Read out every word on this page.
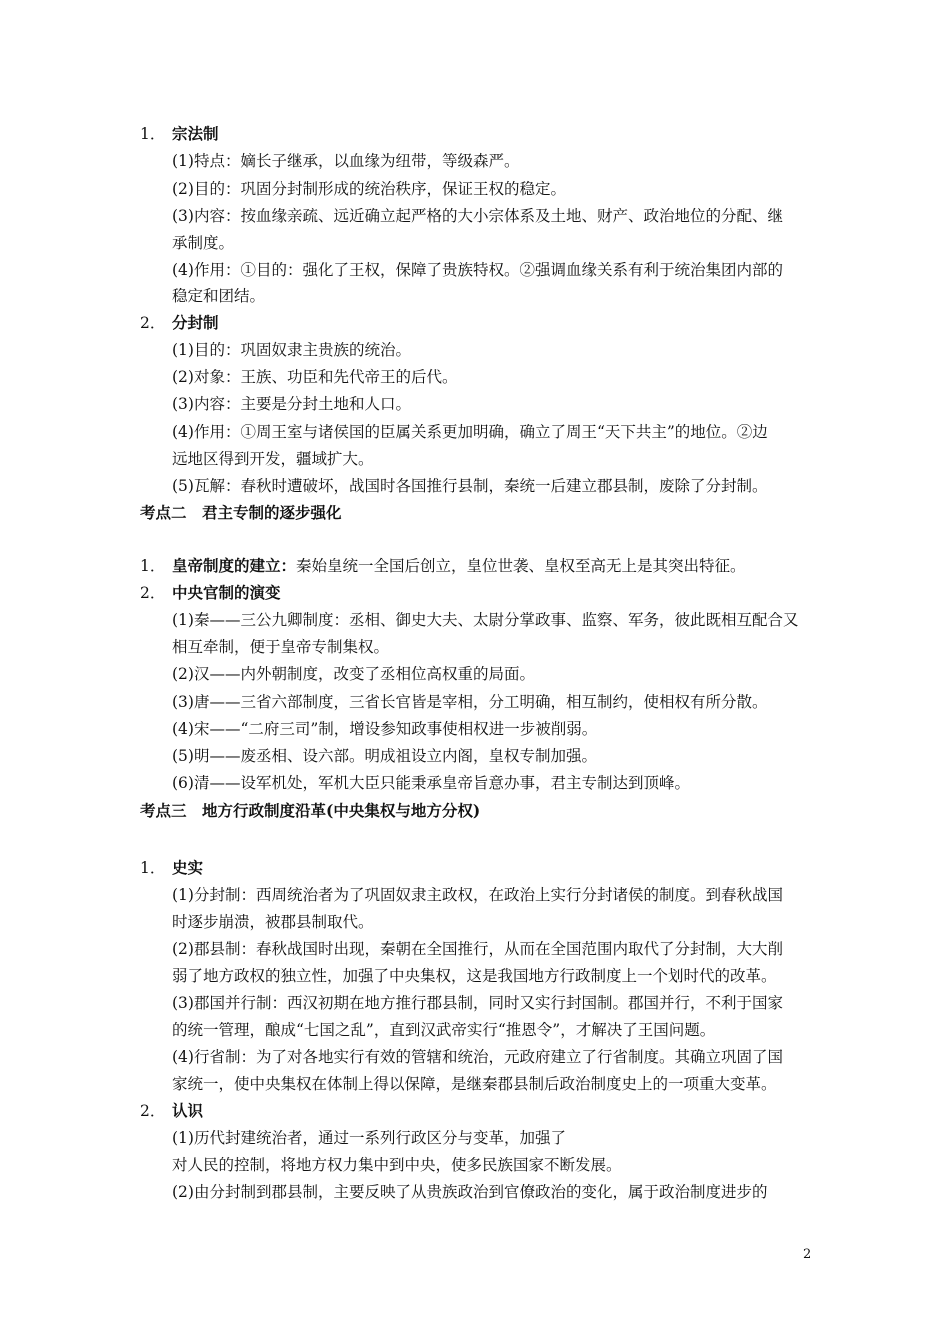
1． 宗法制
(1)特点：嫡长子继承，以血缘为纽带，等级森严。
(2)目的：巩固分封制形成的统治秩序，保证王权的稳定。
(3)内容：按血缘亲疏、远近确立起严格的大小宗体系及土地、财产、政治地位的分配、继
承制度。
(4)作用：①目的：强化了王权，保障了贵族特权。②强调血缘关系有利于统治集团内部的
稳定和团结。
2． 分封制
(1)目的：巩固奴隶主贵族的统治。
(2)对象：王族、功臣和先代帝王的后代。
(3)内容：主要是分封土地和人口。
(4)作用：①周王室与诸侯国的臣属关系更加明确，确立了周王“天下共主”的地位。②边
远地区得到开发，疆域扩大。
(5)瓦解：春秋时遭破坏，战国时各国推行县制，秦统一后建立郡县制，废除了分封制。
考点二　君主专制的逐步强化
1． 皇帝制度的建立：秦始皇统一全国后创立，皇位世袭、皇权至高无上是其突出特征。
2． 中央官制的演变
(1)秦——三公九卿制度：丞相、御史大夫、太尉分掌政事、监察、军务，彼此既相互配合又
相互牵制，便于皇帝专制集权。
(2)汉——内外朝制度，改变了丞相位高权重的局面。
(3)唐——三省六部制度，三省长官皆是宰相，分工明确，相互制约，使相权有所分散。
(4)宋——“二府三司”制，增设参知政事使相权进一步被削弱。
(5)明——废丞相、设六部。明成祖设立内阁，皇权专制加强。
(6)清——设军机处，军机大臣只能秉承皇帝旨意办事，君主专制达到顶峰。
考点三　地方行政制度沿革(中央集权与地方分权)
1． 史实
(1)分封制：西周统治者为了巩固奴隶主政权，在政治上实行分封诸侯的制度。到春秋战国
时逐步崩溃，被郡县制取代。
(2)郡县制：春秋战国时出现，秦朝在全国推行，从而在全国范围内取代了分封制，大大削
弱了地方政权的独立性，加强了中央集权，这是我国地方行政制度上一个划时代的改革。
(3)郡国并行制：西汉初期在地方推行郡县制，同时又实行封国制。郡国并行，不利于国家
的统一管理，酿成“七国之乱”，直到汉武帝实行“推恩令”，才解决了王国问题。
(4)行省制：为了对各地实行有效的管辖和统治，元政府建立了行省制度。其确立巩固了国
家统一，使中央集权在体制上得以保障，是继秦郡县制后政治制度史上的一项重大变革。
2． 认识
(1)历代封建统治者，通过一系列行政区分与变革，加强了
对人民的控制，将地方权力集中到中央，使多民族国家不断发展。
(2)由分封制到郡县制，主要反映了从贵族政治到官僚政治的变化，属于政治制度进步的
2
